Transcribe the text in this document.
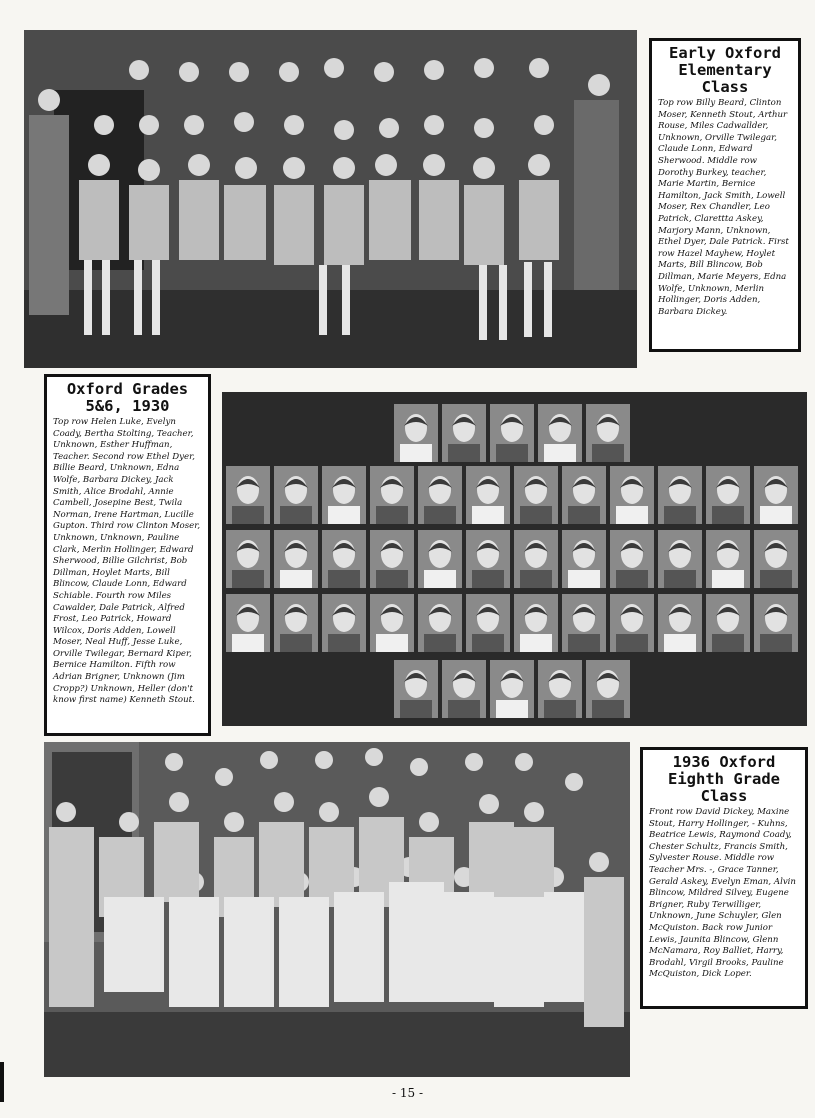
Early Oxford Elementary Class

Top row Billy Beard, Clinton Moser, Kenneth Stout, Arthur Rouse, Miles Cadwallder, Unknown, Orville Twilegar, Claude Lonn, Edward Sherwood. Middle row Dorothy Burkey, teacher, Marie Martin, Bernice Hamilton, Jack Smith, Lowell Moser, Rex Chandler, Leo Patrick, Clarettta Askey, Marjory Mann, Unknown, Ethel Dyer, Dale Patrick. First row Hazel Mayhew, Hoylet Marts, Bill Blincow, Bob Dillman, Marie Meyers, Edna Wolfe, Unknown, Merlin Hollinger, Doris Adden, Barbara Dickey.

Oxford Grades 5&6, 1930

Top row Helen Luke, Evelyn Coady, Bertha Stolting, Teacher, Unknown, Esther Huffman, Teacher. Second row Ethel Dyer, Billie Beard, Unknown, Edna Wolfe, Barbara Dickey, Jack Smith, Alice Brodahl, Annie Cambell, Josepine Best, Twila Norman, Irene Hartman, Lucille Gupton. Third row Clinton Moser, Unknown, Unknown, Pauline Clark, Merlin Hollinger, Edward Sherwood, Billie Gilchrist, Bob Dillman, Hoylet Marts, Bill Blincow, Claude Lonn, Edward Schiable. Fourth row Miles Cawalder, Dale Patrick, Alfred Frost, Leo Patrick, Howard Wilcox, Doris Adden, Lowell Moser, Neal Huff, Jesse Luke, Orville Twilegar, Bernard Kiper, Bernice Hamilton. Fifth row Adrian Brigner, Unknown (Jim Cropp?) Unknown, Heller (don't know first name) Kenneth Stout.

1936 Oxford Eighth Grade Class

Front row David Dickey, Maxine Stout, Harry Hollinger, - Kuhns, Beatrice Lewis, Raymond Coady, Chester Schultz, Francis Smith, Sylvester Rouse. Middle row Teacher Mrs. -, Grace Tanner, Gerald Askey, Evelyn Eman, Alvin Blincow, Mildred Silvey, Eugene Brigner, Ruby Terwilliger, Unknown, June Schuyler, Glen McQuiston. Back row Junior Lewis, Jaunita Blincow, Glenn McNamara, Roy Balliet, Harry, Brodahl, Virgil Brooks, Pauline McQuiston, Dick Loper.

- 15 -
